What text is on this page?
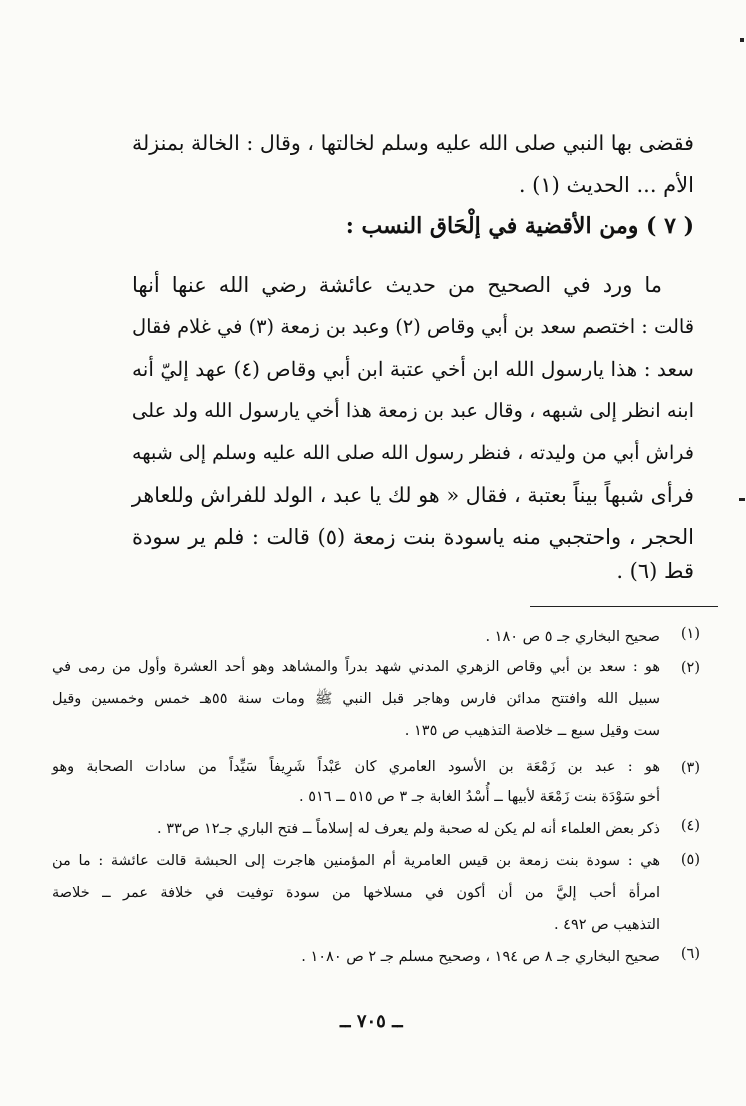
فقضى بها النبي صلى الله عليه وسلم لخالتها ، وقال : الخالة بمنزلة
الأم ... الحديث (١) .
( ٧ ) ومن الأقضية في إلْحَاق النسب :
ما ورد في الصحيح من حديث عائشة رضي الله عنها أنها
قالت : اختصم سعد بن أبي وقاص (٢) وعبد بن زمعة (٣) في غلام فقال
سعد : هذا يارسول الله ابن أخي عتبة ابن أبي وقاص (٤) عهد إليّ أنه
ابنه انظر إلى شبهه ، وقال عبد بن زمعة هذا أخي يارسول الله ولد على
فراش أبي من وليدته ، فنظر رسول الله صلى الله عليه وسلم إلى شبهه
فرأى شبهاً بيناً بعتبة ، فقال « هو لك يا عبد ، الولد للفراش وللعاهر
الحجر ، واحتجبي منه ياسودة بنت زمعة (٥) قالت : فلم ير سودة
قط (٦) .
(١)
(٢)
(٣)
(٤)
(٥)
(٦)
صحيح البخاري جـ ٥ ص ١٨٠ .
هو : سعد بن أبي وقاص الزهري المدني شهد بدراً والمشاهد وهو أحد العشرة وأول من رمى في
سبيل الله وافتتح مدائن فارس وهاجر قبل النبي ﷺ ومات سنة ٥٥هـ خمس وخمسين وقيل
ست وقيل سبع ــ خلاصة التذهيب ص ١٣٥ .
هو : عبد بن زَمْعَة بن الأسود العامري كان عَبْداً شَرِيفاً سَيِّداً من سادات الصحابة وهو
أخو سَوْدَة بنت زَمْعَة لأبيها ــ أُسْدُ الغابة جـ ٣ ص ٥١٥ ــ ٥١٦ .
ذكر بعض العلماء أنه لم يكن له صحبة ولم يعرف له إسلاماً ــ فتح الباري جـ١٢ ص٣٣ .
هي : سودة بنت زمعة بن قيس العامرية أم المؤمنين هاجرت إلى الحبشة قالت عائشة : ما من
امرأة أحب إليَّ من أن أكون في مسلاخها من سودة توفيت في خلافة عمر ــ خلاصة
التذهيب ص ٤٩٢ .
صحيح البخاري جـ ٨ ص ١٩٤ ، وصحيح مسلم جـ ٢ ص ١٠٨٠ .
ــ ٧٠٥ ــ
